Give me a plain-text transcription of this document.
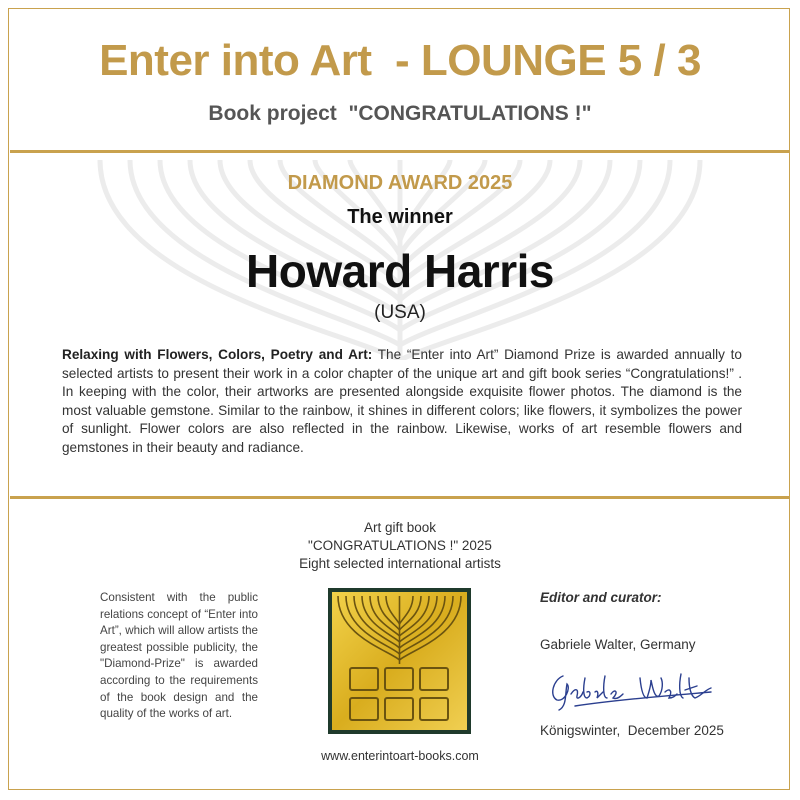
Enter into Art  - LOUNGE 5 / 3
Book project  "CONGRATULATIONS !"
DIAMOND AWARD 2025
The winner
Howard Harris
(USA)
Relaxing with Flowers, Colors, Poetry and Art: The “Enter into Art” Diamond Prize is awarded annually to selected artists to present their work in a color chapter of the unique art and gift book series “Congratulations!” . In keeping with the color, their artworks are presented alongside exquisite flower photos. The diamond is the most valuable gemstone. Similar to the rainbow, it shines in different colors; like flowers, it symbolizes the power of sunlight. Flower colors are also reflected in the rainbow. Likewise, works of art resemble flowers and gemstones in their beauty and radiance.
Art gift book
"CONGRATULATIONS !" 2025
Eight selected international artists
Consistent with the public relations concept of “Enter into Art”, which will allow artists the greatest possible publicity, the "Diamond-Prize" is awarded according to the requirements of the book design and the quality of the works of art.
www.enterintoart-books.com
Editor and curator:
Gabriele Walter, Germany
Königswinter,  December 2025
